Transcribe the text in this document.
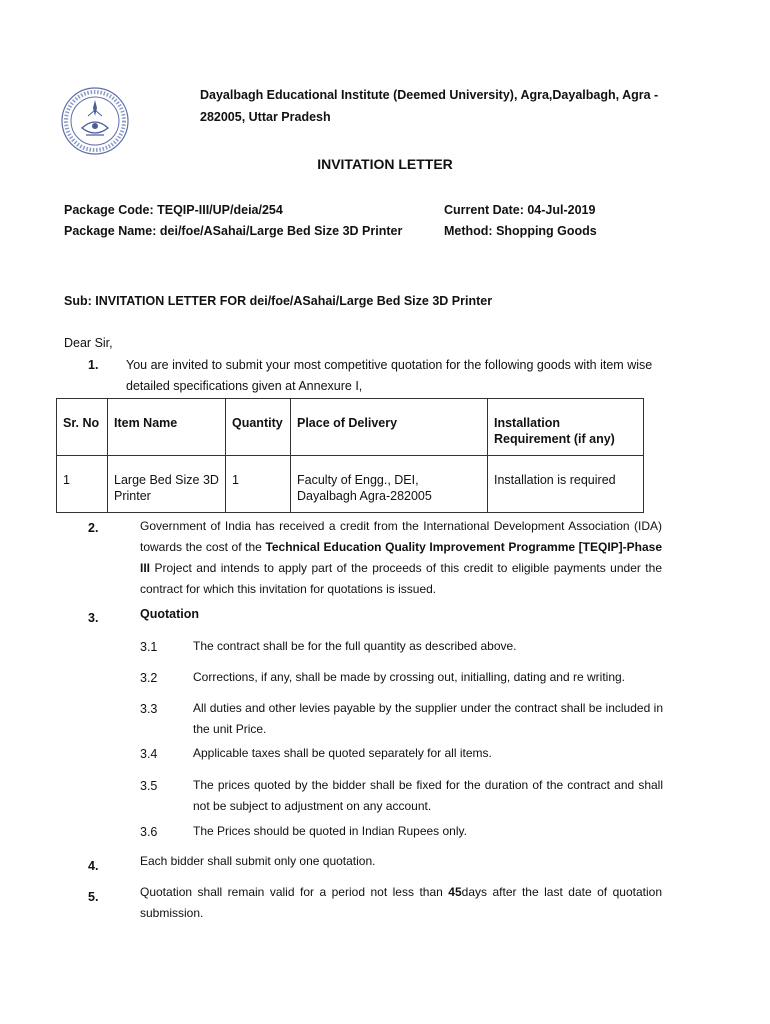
Dayalbagh Educational Institute (Deemed University), Agra,Dayalbagh, Agra -
282005, Uttar Pradesh
INVITATION LETTER
Package Code: TEQIP-III/UP/deia/254
Package Name: dei/foe/ASahai/Large Bed Size 3D Printer
Current Date: 04-Jul-2019
Method: Shopping Goods
Sub: INVITATION LETTER FOR dei/foe/ASahai/Large Bed Size 3D Printer
Dear Sir,
1. You are invited to submit your most competitive quotation for the following goods with item wise
detailed specifications given at Annexure I,
Sr. No	Item Name	Quantity	Place of Delivery	Installation Requirement (if any)
1	Large Bed Size 3D Printer	1	Faculty of Engg., DEI, Dayalbagh Agra-282005	Installation is required
2.	Government of India has received a credit from the International Development Association (IDA) towards the cost of the Technical Education Quality Improvement Programme [TEQIP]-Phase III Project and intends to apply part of the proceeds of this credit to eligible payments under the contract for which this invitation for quotations is issued.
3.	Quotation
3.1	The contract shall be for the full quantity as described above.
3.2	Corrections, if any, shall be made by crossing out, initialling, dating and re writing.
3.3	All duties and other levies payable by the supplier under the contract shall be included in the unit Price.
3.4	Applicable taxes shall be quoted separately for all items.
3.5	The prices quoted by the bidder shall be fixed for the duration of the contract and shall not be subject to adjustment on any account.
3.6	The Prices should be quoted in Indian Rupees only.
4.	Each bidder shall submit only one quotation.
5.	Quotation shall remain valid for a period not less than 45days after the last date of quotation submission.
